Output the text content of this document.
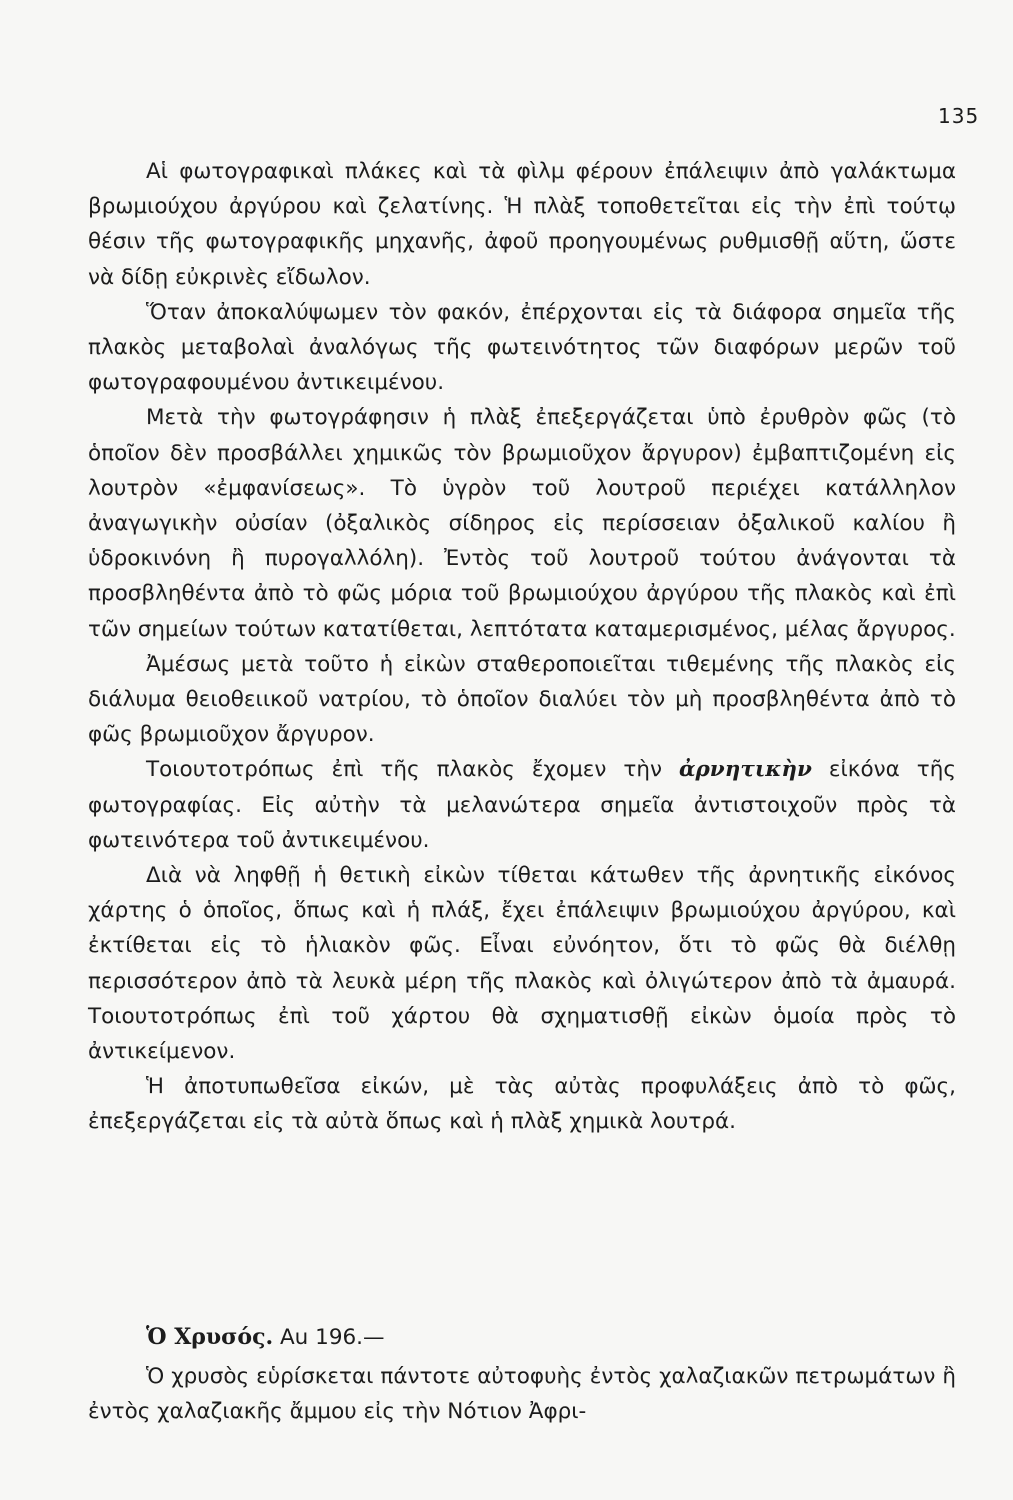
135

Αἱ φωτογραφικαὶ πλάκες καὶ τὰ φὶλμ φέρουν ἐπάλειψιν ἀπὸ γαλάκτωμα βρωμιούχου ἀργύρου καὶ ζελατίνης. Ἡ πλὰξ τοποθετεῖται εἰς τὴν ἐπὶ τούτῳ θέσιν τῆς φωτογραφικῆς μηχανῆς, ἀφοῦ προηγουμένως ρυθμισθῇ αὕτη, ὥστε νὰ δίδῃ εὐκρινὲς εἴδωλον.

Ὅταν ἀποκαλύψωμεν τὸν φακόν, ἐπέρχονται εἰς τὰ διάφορα σημεῖα τῆς πλακὸς μεταβολαὶ ἀναλόγως τῆς φωτεινότητος τῶν διαφόρων μερῶν τοῦ φωτογραφουμένου ἀντικειμένου.

Μετὰ τὴν φωτογράφησιν ἡ πλὰξ ἐπεξεργάζεται ὑπὸ ἐρυθρὸν φῶς (τὸ ὁποῖον δὲν προσβάλλει χημικῶς τὸν βρωμιοῦχον ἄργυρον) ἐμβαπτιζομένη εἰς λουτρὸν «ἐμφανίσεως». Τὸ ὑγρὸν τοῦ λουτροῦ περιέχει κατάλληλον ἀναγωγικὴν οὐσίαν (ὀξαλικὸς σίδηρος εἰς περίσσειαν ὀξαλικοῦ καλίου ἢ ὑδροκινόνη ἢ πυρογαλλόλη). Ἐντὸς τοῦ λουτροῦ τούτου ἀνάγονται τὰ προσβληθέντα ἀπὸ τὸ φῶς μόρια τοῦ βρωμιούχου ἀργύρου τῆς πλακὸς καὶ ἐπὶ τῶν σημείων τούτων κατατίθεται, λεπτότατα καταμερισμένος, μέλας ἄργυρος.

Ἀμέσως μετὰ τοῦτο ἡ εἰκὼν σταθεροποιεῖται τιθεμένης τῆς πλακὸς εἰς διάλυμα θειοθειικοῦ νατρίου, τὸ ὁποῖον διαλύει τὸν μὴ προσβληθέντα ἀπὸ τὸ φῶς βρωμιοῦχον ἄργυρον.

Τοιουτοτρόπως ἐπὶ τῆς πλακὸς ἔχομεν τὴν ἀρνητικὴν εἰκόνα τῆς φωτογραφίας. Εἰς αὐτὴν τὰ μελανώτερα σημεῖα ἀντιστοιχοῦν πρὸς τὰ φωτεινότερα τοῦ ἀντικειμένου.

Διὰ νὰ ληφθῇ ἡ θετικὴ εἰκὼν τίθεται κάτωθεν τῆς ἀρνητικῆς εἰκόνος χάρτης ὁ ὁποῖος, ὅπως καὶ ἡ πλάξ, ἔχει ἐπάλειψιν βρωμιούχου ἀργύρου, καὶ ἐκτίθεται εἰς τὸ ἡλιακὸν φῶς. Εἶναι εὐνόητον, ὅτι τὸ φῶς θὰ διέλθῃ περισσότερον ἀπὸ τὰ λευκὰ μέρη τῆς πλακὸς καὶ ὀλιγώτερον ἀπὸ τὰ ἀμαυρά. Τοιουτοτρόπως ἐπὶ τοῦ χάρτου θὰ σχηματισθῇ εἰκὼν ὁμοία πρὸς τὸ ἀντικείμενον.

Ἡ ἀποτυπωθεῖσα εἰκών, μὲ τὰς αὐτὰς προφυλάξεις ἀπὸ τὸ φῶς, ἐπεξεργάζεται εἰς τὰ αὐτὰ ὅπως καὶ ἡ πλὰξ χημικὰ λουτρά.

Ὁ Χρυσός. Au 196.—

Ὁ χρυσὸς εὑρίσκεται πάντοτε αὐτοφυὴς ἐντὸς χαλαζιακῶν πετρωμάτων ἢ ἐντὸς χαλαζιακῆς ἄμμου εἰς τὴν Νότιον Ἀφρι-
